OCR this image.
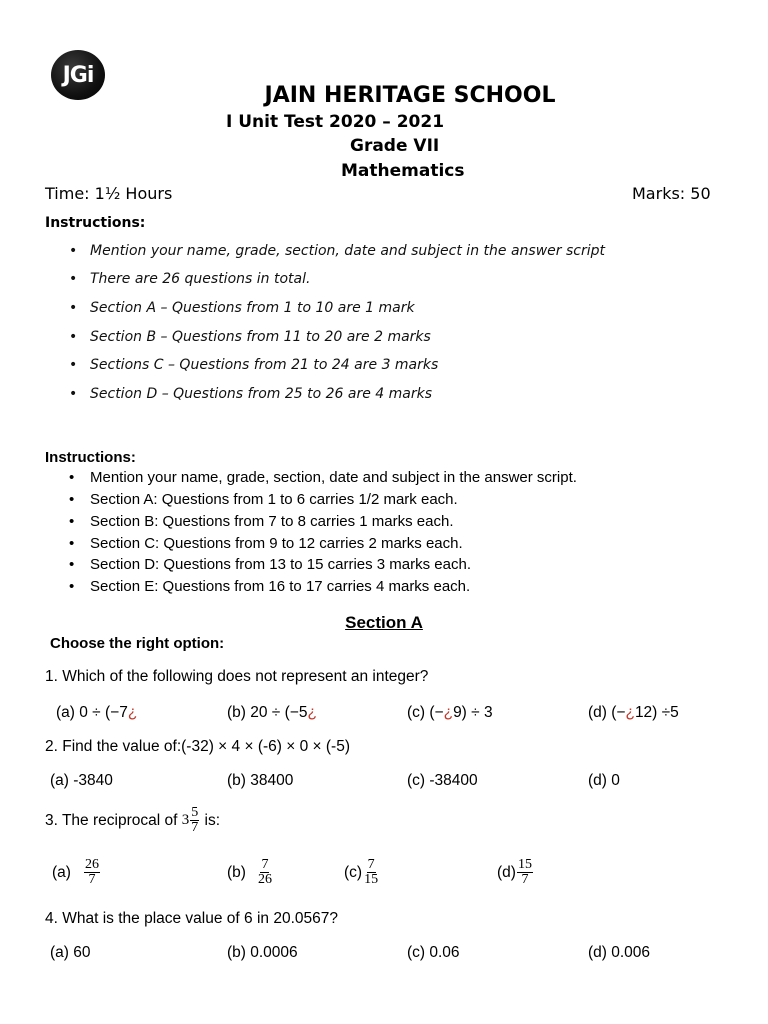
JGi
JAIN HERITAGE SCHOOL
I Unit Test 2020 – 2021
Grade VII
Mathematics
Time: 1½ Hours	Marks: 50
Instructions:
• Mention your name, grade, section, date and subject in the answer script
• There are 26 questions in total.
• Section A – Questions from 1 to 10 are 1 mark
• Section B – Questions from 11 to 20 are 2 marks
• Sections C – Questions from 21 to 24 are 3 marks
• Section D – Questions from 25 to 26 are 4 marks
Instructions:
• Mention your name, grade, section, date and subject in the answer script.
• Section A: Questions from 1 to 6 carries 1/2 mark each.
• Section B: Questions from 7 to 8 carries 1 marks each.
• Section C: Questions from 9 to 12 carries 2 marks each.
• Section D: Questions from 13 to 15 carries 3 marks each.
• Section E: Questions from 16 to 17 carries 4 marks each.
Section A
Choose the right option:
1. Which of the following does not represent an integer?
(a) 0 ÷ (−7¿	(b) 20 ÷ (−5¿	(c) (−¿9) ÷ 3	(d) (−¿12) ÷5
2. Find the value of:(-32) × 4 × (-6) × 0 × (-5)
(a) -3840	(b) 38400	(c) -38400	(d) 0
3. The reciprocal of $3 \frac{5}{7}$ is:
$(a) \frac{26}{7}$	$(b) \frac{7}{26}$	$(c) \frac{7}{15}$	$(d) \frac{15}{7}$
4. What is the place value of 6 in 20.0567?
(a) 60	(b) 0.0006	(c) 0.06	(d) 0.006
